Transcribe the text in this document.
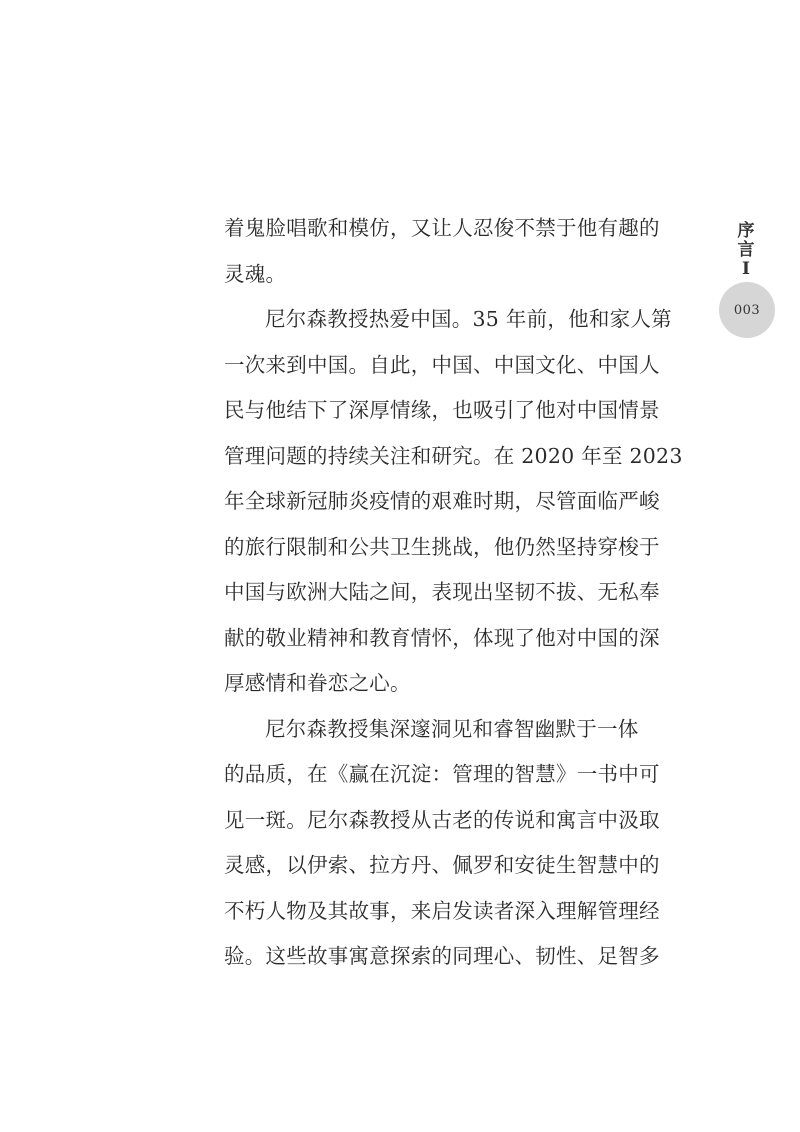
着鬼脸唱歌和模仿，又让人忍俊不禁于他有趣的
灵魂。
尼尔森教授热爱中国。35 年前，他和家人第
一次来到中国。自此，中国、中国文化、中国人
民与他结下了深厚情缘，也吸引了他对中国情景
管理问题的持续关注和研究。在 2020 年至 2023
年全球新冠肺炎疫情的艰难时期，尽管面临严峻
的旅行限制和公共卫生挑战，他仍然坚持穿梭于
中国与欧洲大陆之间，表现出坚韧不拔、无私奉
献的敬业精神和教育情怀，体现了他对中国的深
厚感情和眷恋之心。
尼尔森教授集深邃洞见和睿智幽默于一体
的品质，在《赢在沉淀：管理的智慧》一书中可
见一斑。尼尔森教授从古老的传说和寓言中汲取
灵感，以伊索、拉方丹、佩罗和安徒生智慧中的
不朽人物及其故事，来启发读者深入理解管理经
验。这些故事寓意探索的同理心、韧性、足智多
序
言
I
003
